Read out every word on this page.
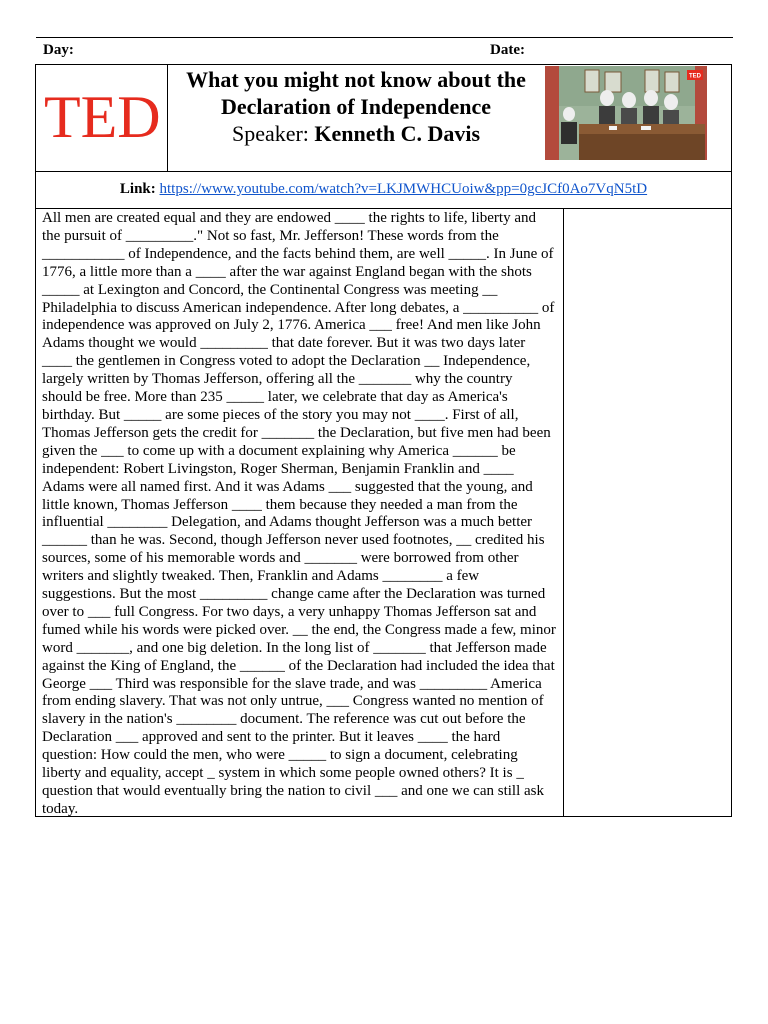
Day:	Date:
TED
What you might not know about the
Declaration of Independence
Speaker: Kenneth C. Davis
TED
Link: https://www.youtube.com/watch?v=LKJMWHCUoiw&pp=0gcJCf0Ao7VqN5tD

All men are created equal and they are endowed ____ the rights to life, liberty and the pursuit of _________." Not so fast, Mr. Jefferson! These words from the ___________ of Independence, and the facts behind them, are well _____. In June of 1776, a little more than a ____ after the war against England began with the shots _____ at Lexington and Concord, the Continental Congress was meeting __ Philadelphia to discuss American independence. After long debates, a __________ of independence was approved on July 2, 1776. America ___ free! And men like John Adams thought we would _________ that date forever. But it was two days later ____ the gentlemen in Congress voted to adopt the Declaration __ Independence, largely written by Thomas Jefferson, offering all the _______ why the country should be free. More than 235 _____ later, we celebrate that day as America's birthday. But _____ are some pieces of the story you may not ____. First of all, Thomas Jefferson gets the credit for _______ the Declaration, but five men had been given the ___ to come up with a document explaining why America ______ be independent: Robert Livingston, Roger Sherman, Benjamin Franklin and ____ Adams were all named first. And it was Adams ___ suggested that the young, and little known, Thomas Jefferson ____ them because they needed a man from the influential ________ Delegation, and Adams thought Jefferson was a much better ______ than he was. Second, though Jefferson never used footnotes, __ credited his sources, some of his memorable words and _______ were borrowed from other writers and slightly tweaked. Then, Franklin and Adams ________ a few suggestions. But the most _________ change came after the Declaration was turned over to ___ full Congress. For two days, a very unhappy Thomas Jefferson sat and fumed while his words were picked over. __ the end, the Congress made a few, minor word _______, and one big deletion. In the long list of _______ that Jefferson made against the King of England, the ______ of the Declaration had included the idea that George ___ Third was responsible for the slave trade, and was _________ America from ending slavery. That was not only untrue, ___ Congress wanted no mention of slavery in the nation's ________ document. The reference was cut out before the Declaration ___ approved and sent to the printer. But it leaves ____ the hard question: How could the men, who were _____ to sign a document, celebrating liberty and equality, accept _ system in which some people owned others? It is _ question that would eventually bring the nation to civil ___ and one we can still ask today.
